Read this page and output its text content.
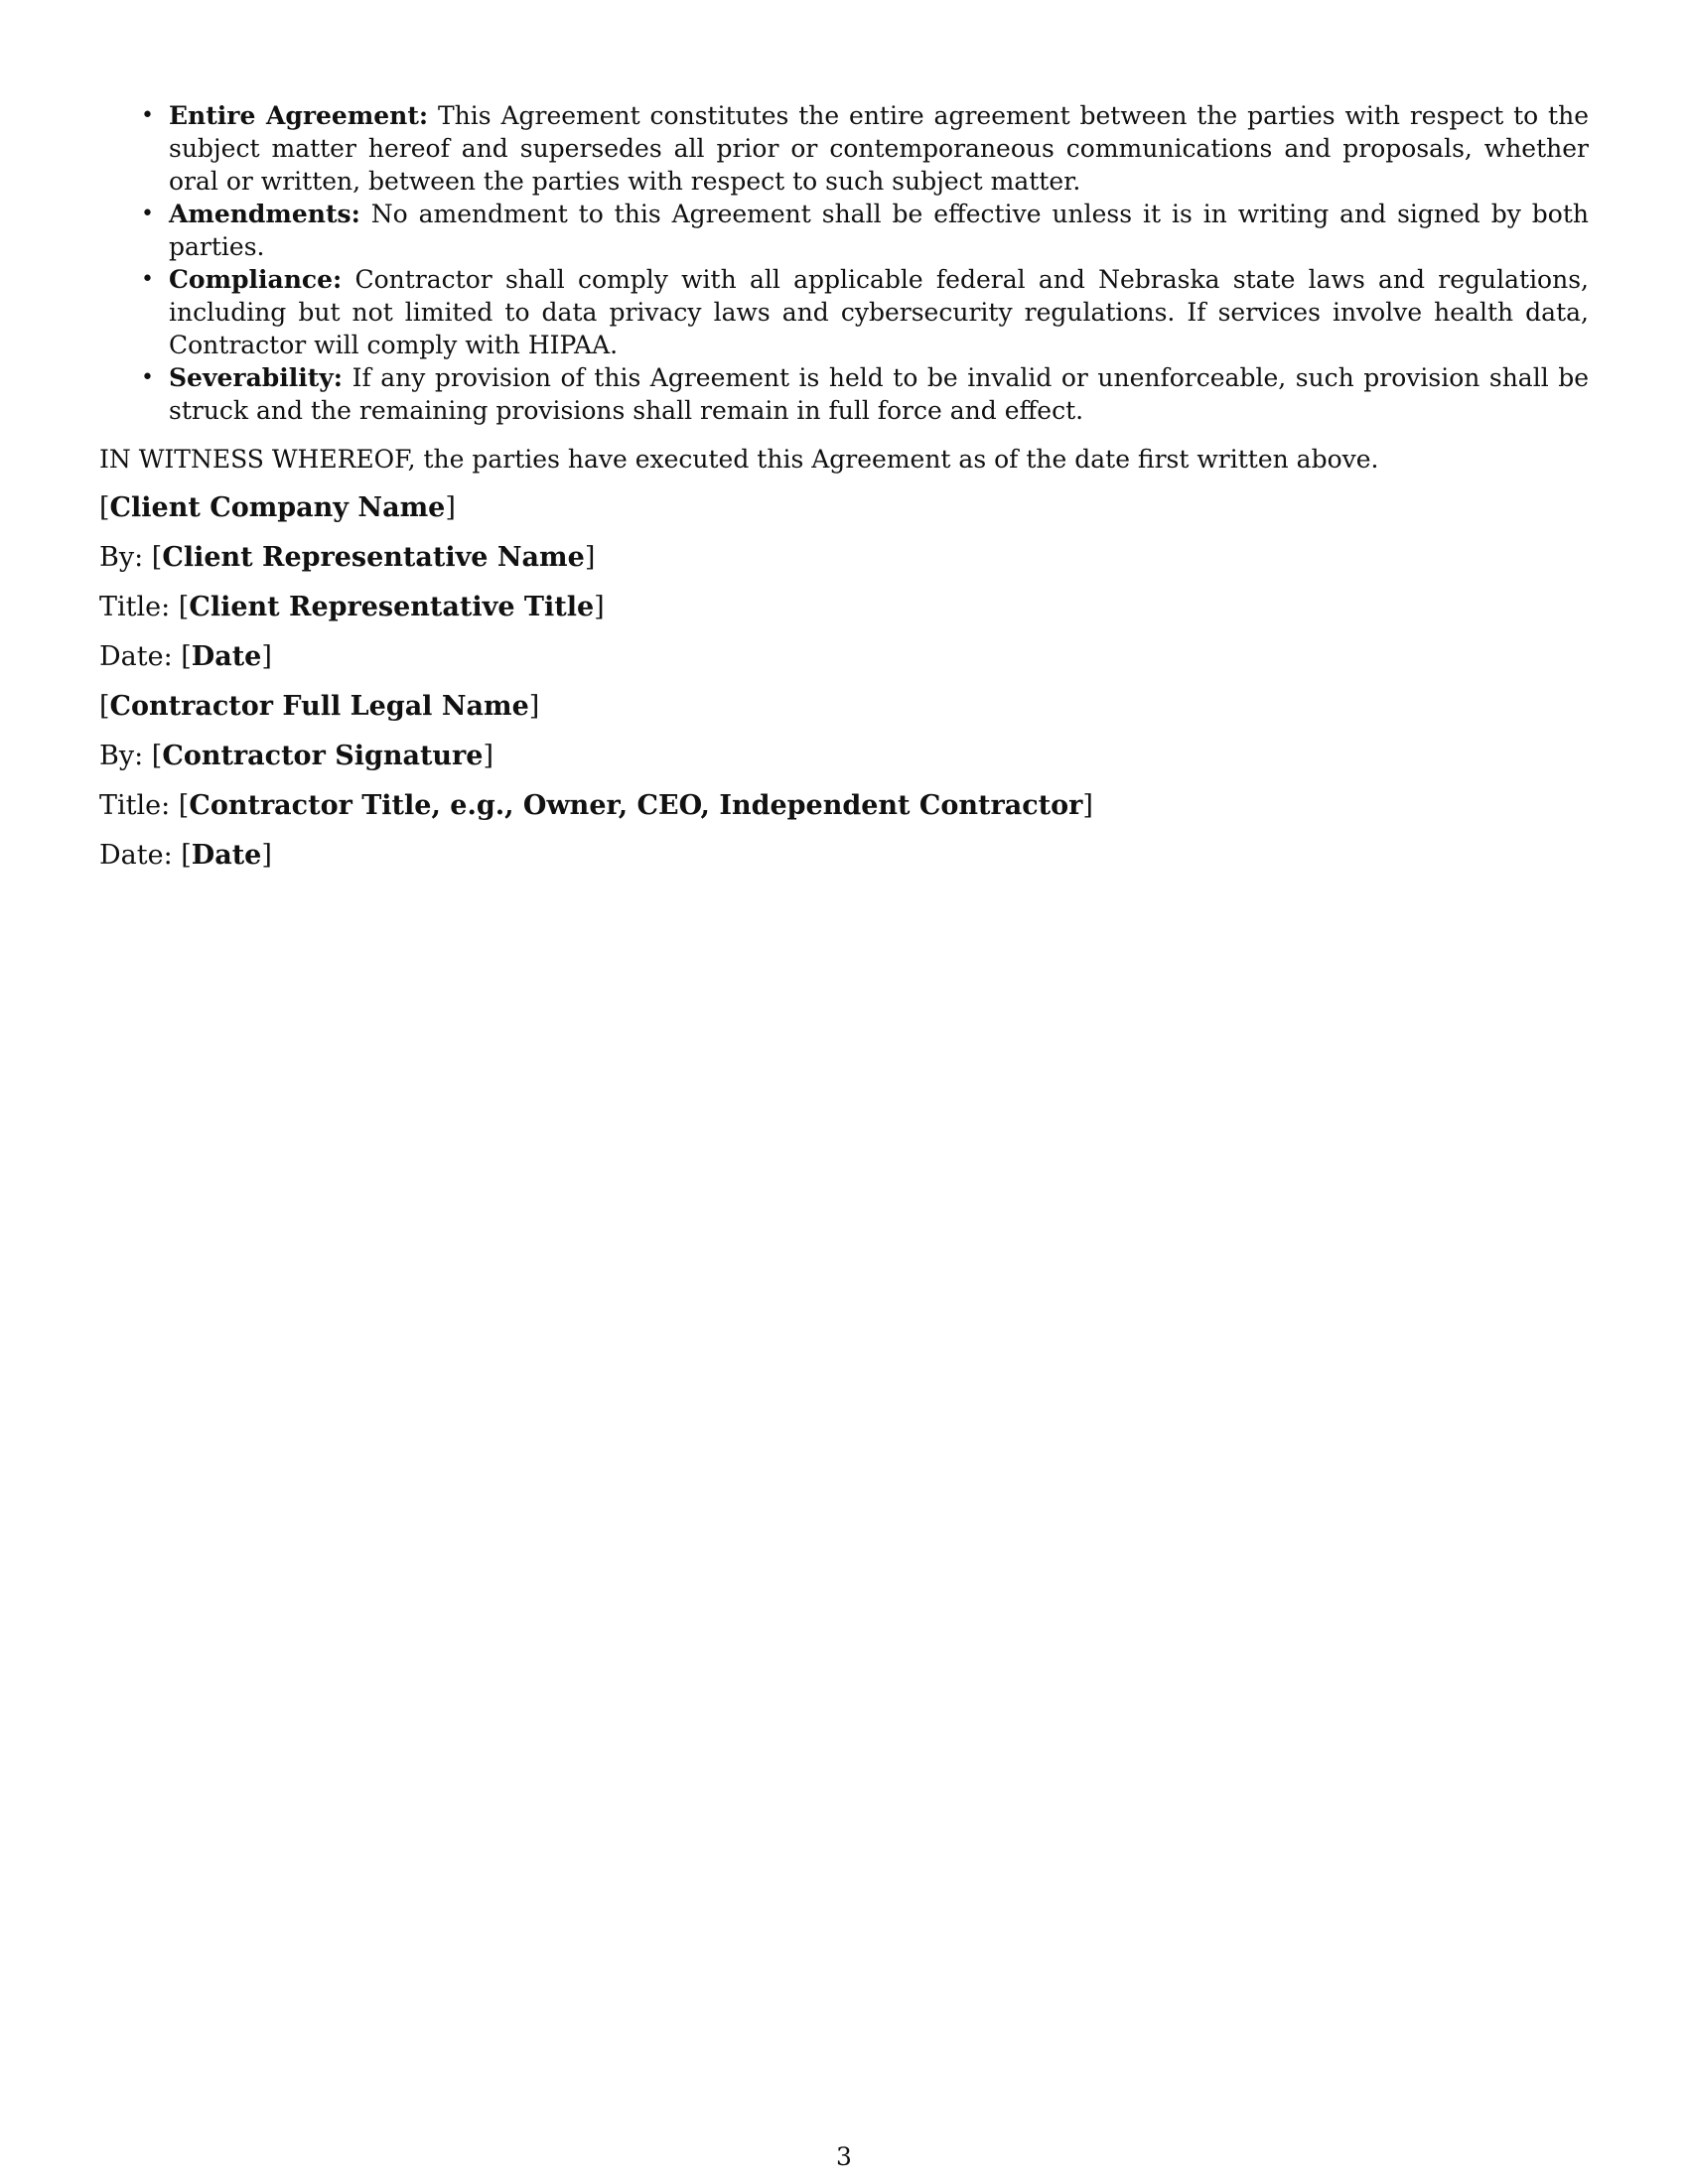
• Entire Agreement: This Agreement constitutes the entire agreement between the parties with respect to the subject matter hereof and supersedes all prior or contemporaneous communications and proposals, whether oral or written, between the parties with respect to such subject matter.
• Amendments: No amendment to this Agreement shall be effective unless it is in writing and signed by both parties.
• Compliance: Contractor shall comply with all applicable federal and Nebraska state laws and regulations, including but not limited to data privacy laws and cybersecurity regulations. If services involve health data, Contractor will comply with HIPAA.
• Severability: If any provision of this Agreement is held to be invalid or unenforceable, such provision shall be struck and the remaining provisions shall remain in full force and effect.

IN WITNESS WHEREOF, the parties have executed this Agreement as of the date first written above.

[Client Company Name]

By: [Client Representative Name]

Title: [Client Representative Title]

Date: [Date]

[Contractor Full Legal Name]

By: [Contractor Signature]

Title: [Contractor Title, e.g., Owner, CEO, Independent Contractor]

Date: [Date]

3
